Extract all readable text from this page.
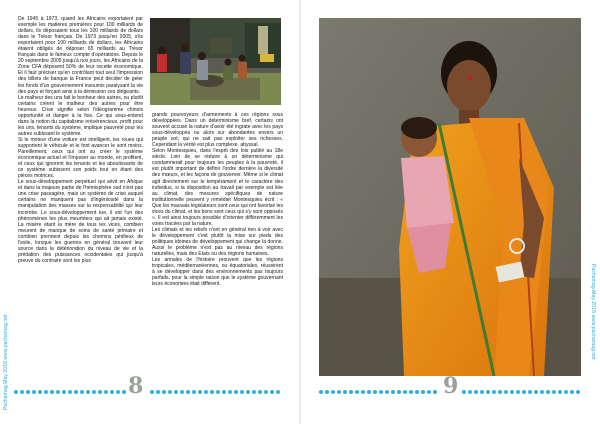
De 1945 à 1973, quand les Africains exportaient par exemple les matières premières pour 100 milliards de dollars, ils déposaient tous les 100 milliards de dollars dans le Trésor français. De 1973 jusqu'en 2005, s'ils exportaient pour 100 milliards de dollars, les Africains étaient obligés de déposer 65 milliards au Trésor français dans le fameux compte d'opérations. Depuis le 20 septembre 2005 jusqu'à nos jours, les Africains de la Zone CFA déposent 50% de leur recette économique. Et il faut préciser qu'en contrôlant tout seul l'impression des billets de banque la France peut décider de geler les fonds d'un gouvernement insoumis paralysant la vie des pays et forçant ainsi à la démission ces dirigeants.

Le malheur des uns fait le bonheur des autres, ou plutôt certains créent le malheur des autres pour être heureux. Crise signifie selon l'idéogramme chinois opportunité et danger à la fois. Ce qui sous-entend dans la notion du capitalisme irrévérencieux, profit pour les uns, tenants du système, implique pauvreté pour les autres subissant le système.

Si le moteur d'une voiture est intelligent, les roues qui supportent le véhicule et le font avancer le sont moins. Pareillement, ceux qui ont su créer le système économique actuel et l'imposer au monde, en profitent, et ceux qui ignorent les tenants et les aboutissants de ce système subissent son poids tout en étant des pièces motrices.

Le sous-développement perpétuel qui sévit en Afrique et dans la majeure partie de l'hémisphère sud n'est pas une crise passagère, mais un système de crise auquel certains ne manquent pas d'ingéniosité dans la manipulation des masses sur la responsabilité qui leur incombe. Le sous-développement tue, il est l'un des phénomènes les plus meurtriers qui ait jamais existé. La misère étant la mère de tous les vices, combien meurent de manque de soins de santé primaire et combien prennent depuis les chemins périlleux de l'exile, lorsque les guerres en général trouvent leur source dans la détérioration du niveau de vie et la prédation des puissances occidentales qui jusqu'à preuve du contraire sont les plus

grands pourvoyeurs d'armements à ces régions sous développées. Dans un déterminisme bref, certains ont souvent accusé la nature d'avoir été ingrate avec les pays sous-développés ou alors sur abondantes envers un peuple sot, qui ne sait pas exploiter ses richesses. Cependant la vérité est plus complexe. abyssal.

Selon Montesquieu, dans l'esprit des lois publié au 18e siècle. Loin de se réduire à un déterminisme qui condamnerait pour toujours les peuples à la pauvreté, il est plutôt important de définir l'ordre derrière la diversité des mœurs, et les façons de gouverner. Même si le climat agit directement sur le tempérament et le caractère des individus, si la disposition au travail par exemple est liée au climat, des mesures spécifiques de nature institutionnelle peuvent y remédier Montesquieu écrit : « Que les mauvais législateurs sont ceux qui ont favorisé les vices du climat, et les bons sont ceux qui s'y sont opposés ». Il est ainsi toujours possible d'orienter différemment les voies tracées par la nature.

Les climats et les reliefs n'ont en général rien à voir avec le développement c'est plutôt la mise sur pieds des politiques idoines de développement qui change la donne. Aussi le problème n'est pas au niveau des régions naturelles, mais des Etats ou des régions humaines.

Les annales de l'histoire prouvent que les régions tropicales, méditerranéennes, ou équatoriales, réussirent à se développer dans des environnements pas toujours parfaits, pour la simple raison que le système gouvernant leurs économies était différent.

Pachamag May 2018 www.pachamag.net
Pachamag May 2018 www.pachamag.net
8	9
